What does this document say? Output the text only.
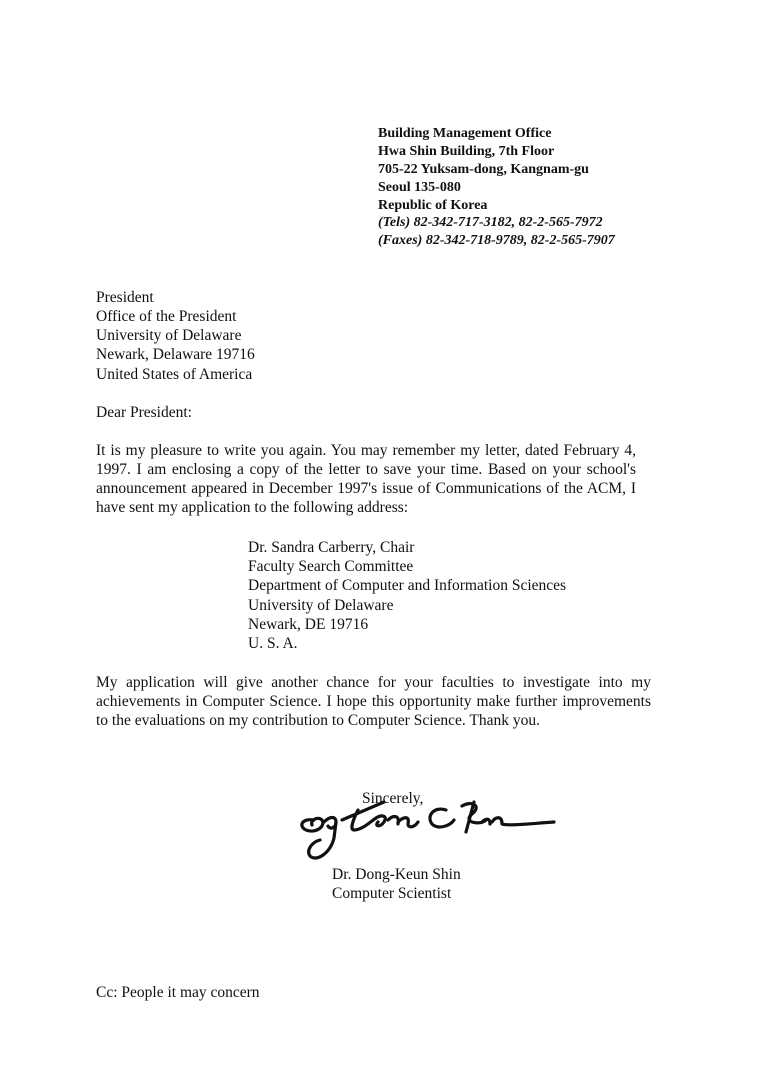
Building Management Office
Hwa Shin Building, 7th Floor
705-22 Yuksam-dong, Kangnam-gu
Seoul 135-080
Republic of Korea
(Tels) 82-342-717-3182, 82-2-565-7972
(Faxes) 82-342-718-9789, 82-2-565-7907
President
Office of the President
University of Delaware
Newark, Delaware 19716
United States of America
Dear President:
It is my pleasure to write you again. You may remember my letter, dated February 4,
1997. I am enclosing a copy of the letter to save your time. Based on your school's
announcement appeared in December 1997's issue of Communications of the ACM, I
have sent my application to the following address:
Dr. Sandra Carberry, Chair
Faculty Search Committee
Department of Computer and Information Sciences
University of Delaware
Newark, DE 19716
U. S. A.
My application will give another chance for your faculties to investigate into my
achievements in Computer Science. I hope this opportunity make further improvements
to the evaluations on my contribution to Computer Science. Thank you.
Sincerely,
Dr. Dong-Keun Shin
Computer Scientist
Cc: People it may concern
